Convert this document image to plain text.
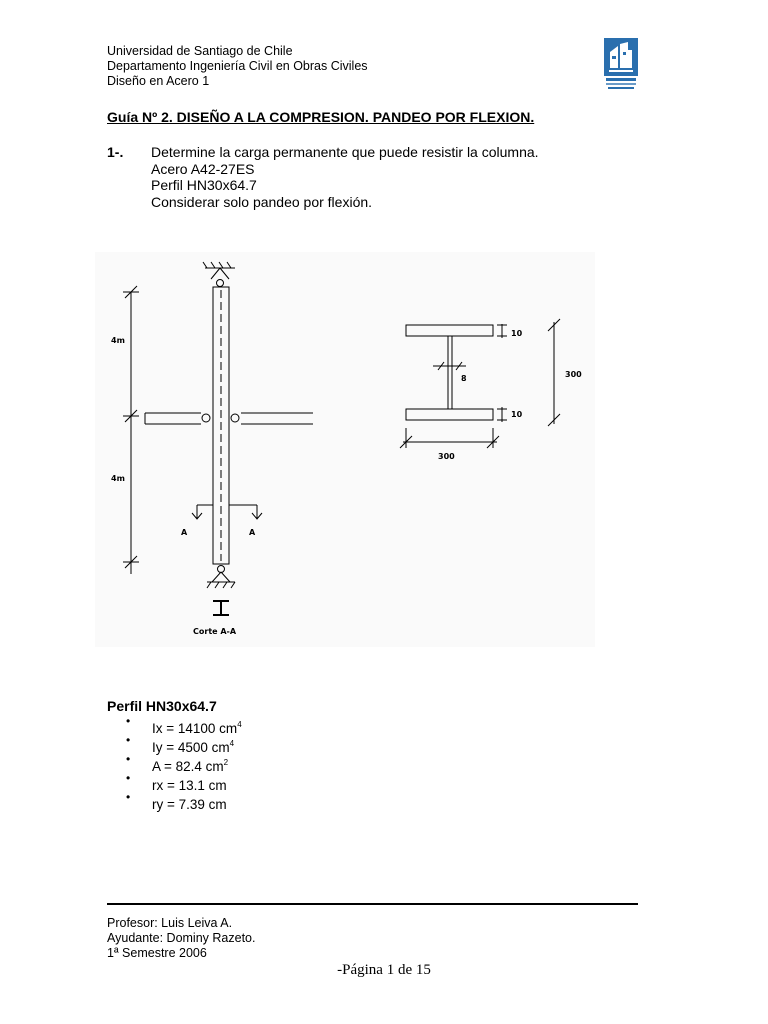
Universidad de Santiago de Chile
Departamento Ingeniería Civil en Obras Civiles
Diseño en Acero 1
Guía Nº 2. DISEÑO A LA COMPRESION. PANDEO POR FLEXION.
1-. Determine la carga permanente que puede resistir la columna.
Acero A42-27ES
Perfil HN30x64.7
Considerar solo pandeo por flexión.
4m
4m
A	A
Corte A-A
8
10
10
300
300
Perfil HN30x64.7
• Ix = 14100 $cm^4$
• Iy = 4500 $cm^4$
• A = 82.4 $cm^2$
• rx = 13.1 cm
• ry = 7.39 cm
Profesor: Luis Leiva A.
Ayudante: Dominy Razeto.
1ª Semestre 2006
-Página 1 de 15
